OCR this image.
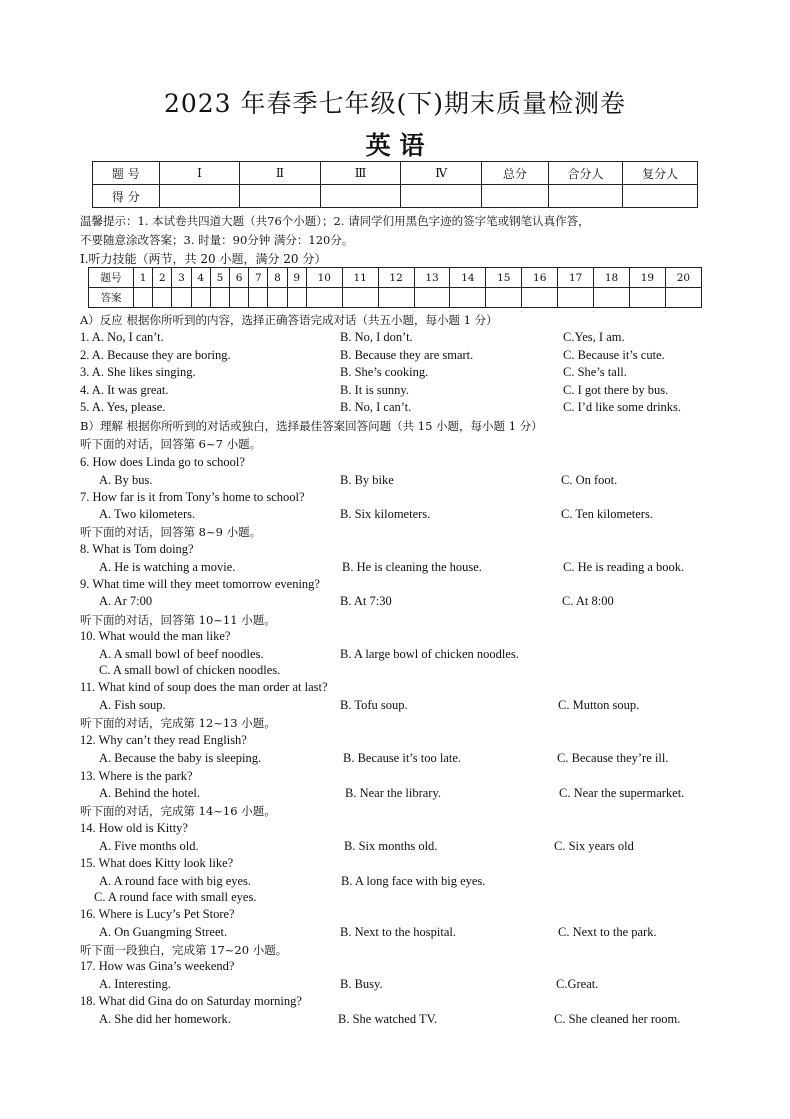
2023 年春季七年级(下)期末质量检测卷
英 语
题 号	Ⅰ	Ⅱ	Ⅲ	Ⅳ	总分	合分人	复分人
得 分							
温馨提示：1. 本试卷共四道大题（共76个小题）；2. 请同学们用黑色字迹的签字笔或钢笔认真作答，
不要随意涂改答案；3. 时量：90分钟 满分：120分。
Ⅰ.听力技能（两节，共 20 小题，满分 20 分）
题号	1	2	3	4	5	6	7	8	9	10	11	12	13	14	15	16	17	18	19	20
答案																				
A）反应 根据你所听到的内容，选择正确答语完成对话（共五小题，每小题 1 分）
1. A. No, I can’t.	B. No, I don’t.	C.Yes, I am.
2. A. Because they are boring.	B. Because they are smart.	C. Because it’s cute.
3. A. She likes singing.	B. She’s cooking.	C. She’s tall.
4. A. It was great.	B. It is sunny.	C. I got there by bus.
5. A. Yes, please.	B. No, I can’t.	C. I’d like some drinks.
B）理解 根据你所听到的对话或独白，选择最佳答案回答问题（共 15 小题，每小题 1 分）
听下面的对话，回答第 6~7 小题。
6. How does Linda go to school?
A. By bus.	B. By bike	C. On foot.
7. How far is it from Tony’s home to school?
A. Two kilometers.	B. Six kilometers.	C. Ten kilometers.
听下面的对话，回答第 8~9 小题。
8. What is Tom doing?
A. He is watching a movie.	B. He is cleaning the house.	C. He is reading a book.
9. What time will they meet tomorrow evening?
A. Ar 7:00	B. At 7:30	C. At 8:00
听下面的对话，回答第 10~11 小题。
10. What would the man like?
A. A small bowl of beef noodles.	B. A large bowl of chicken noodles.
C. A small bowl of chicken noodles.
11. What kind of soup does the man order at last?
A. Fish soup.	B. Tofu soup.	C. Mutton soup.
听下面的对话，完成第 12~13 小题。
12. Why can’t they read English?
A. Because the baby is sleeping.	B. Because it’s too late.	C. Because they’re ill.
13. Where is the park?
A. Behind the hotel.	B. Near the library.	C. Near the supermarket.
听下面的对话，完成第 14~16 小题。
14. How old is Kitty?
A. Five months old.	B. Six months old.	C. Six years old
15. What does Kitty look like?
A. A round face with big eyes.	B. A long face with big eyes.
C. A round face with small eyes.
16. Where is Lucy’s Pet Store?
A. On Guangming Street.	B. Next to the hospital.	C. Next to the park.
听下面一段独白，完成第 17~20 小题。
17. How was Gina’s weekend?
A. Interesting.	B. Busy.	C.Great.
18. What did Gina do on Saturday morning?
A. She did her homework.	B. She watched TV.	C. She cleaned her room.
